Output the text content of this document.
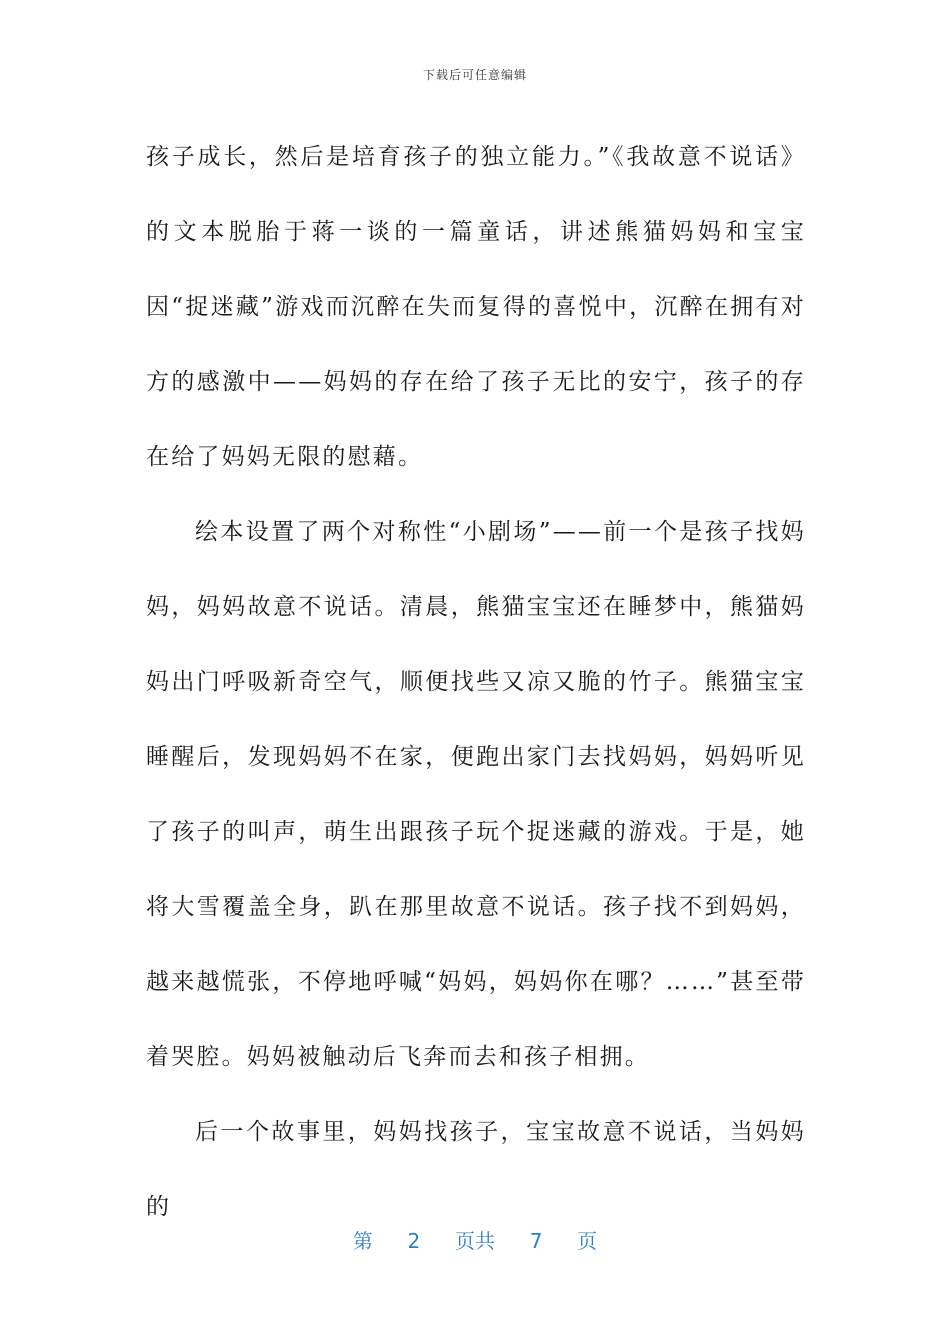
下载后可任意编辑

孩子成长，然后是培育孩子的独立能力。”《我故意不说话》的文本脱胎于蒋一谈的一篇童话，讲述熊猫妈妈和宝宝因“捉迷藏”游戏而沉醉在失而复得的喜悦中，沉醉在拥有对方的感激中——妈妈的存在给了孩子无比的安宁，孩子的存在给了妈妈无限的慰藉。

绘本设置了两个对称性“小剧场”——前一个是孩子找妈妈，妈妈故意不说话。清晨，熊猫宝宝还在睡梦中，熊猫妈妈出门呼吸新奇空气，顺便找些又凉又脆的竹子。熊猫宝宝睡醒后，发现妈妈不在家，便跑出家门去找妈妈，妈妈听见了孩子的叫声，萌生出跟孩子玩个捉迷藏的游戏。于是，她将大雪覆盖全身，趴在那里故意不说话。孩子找不到妈妈，越来越慌张，不停地呼喊“妈妈，妈妈你在哪？……”甚至带着哭腔。妈妈被触动后飞奔而去和孩子相拥。

后一个故事里，妈妈找孩子，宝宝故意不说话，当妈妈的

第 2 页共 7 页
